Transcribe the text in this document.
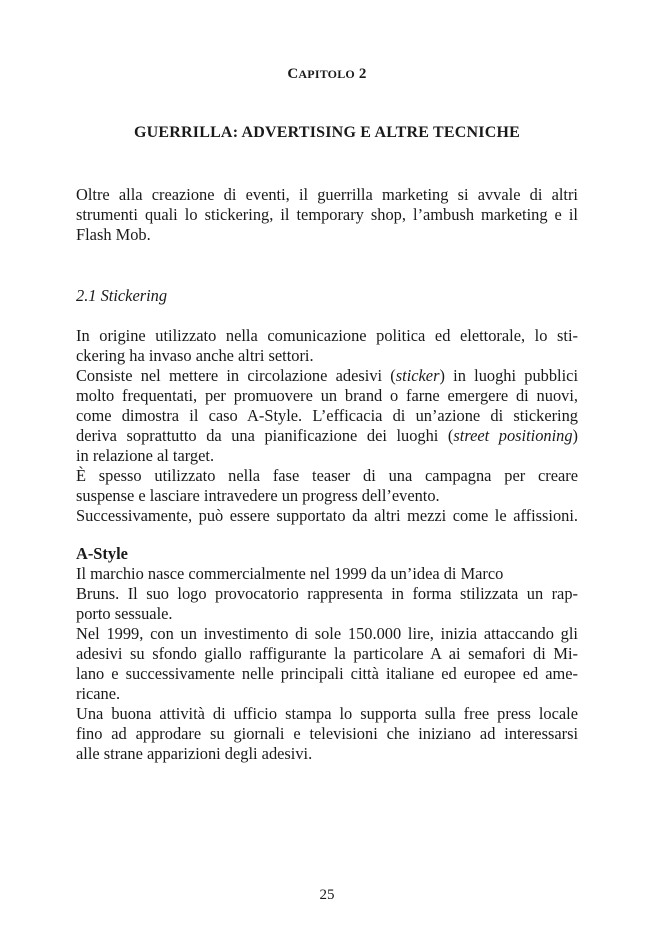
CAPITOLO 2
GUERRILLA: ADVERTISING E ALTRE TECNICHE
Oltre alla creazione di eventi, il guerrilla marketing si avvale di altri
strumenti quali lo stickering, il temporary shop, l’ambush marketing e il
Flash Mob.
2.1 Stickering
In origine utilizzato nella comunicazione politica ed elettorale, lo sti-
ckering ha invaso anche altri settori.
Consiste nel mettere in circolazione adesivi (sticker) in luoghi pubblici
molto frequentati, per promuovere un brand o farne emergere di nuovi,
come dimostra il caso A-Style. L’efficacia di un’azione di stickering
deriva soprattutto da una pianificazione dei luoghi (street positioning)
in relazione al target.
È spesso utilizzato nella fase teaser di una campagna per creare
suspense e lasciare intravedere un progress dell’evento.
Successivamente, può essere supportato da altri mezzi come le affissioni.
A-Style
Il marchio nasce commercialmente nel 1999 da un’idea di Marco
Bruns. Il suo logo provocatorio rappresenta in forma stilizzata un rap-
porto sessuale.
Nel 1999, con un investimento di sole 150.000 lire, inizia attaccando gli
adesivi su sfondo giallo raffigurante la particolare A ai semafori di Mi-
lano e successivamente nelle principali città italiane ed europee ed ame-
ricane.
Una buona attività di ufficio stampa lo supporta sulla free press locale
fino ad approdare su giornali e televisioni che iniziano ad interessarsi
alle strane apparizioni degli adesivi.
25
